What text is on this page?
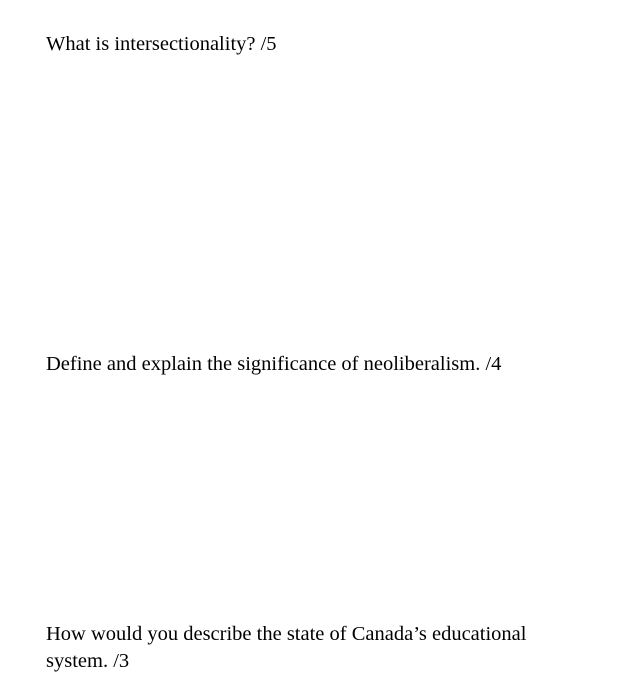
What is intersectionality? /5

Define and explain the significance of neoliberalism. /4

How would you describe the state of Canada’s educational system. /3
